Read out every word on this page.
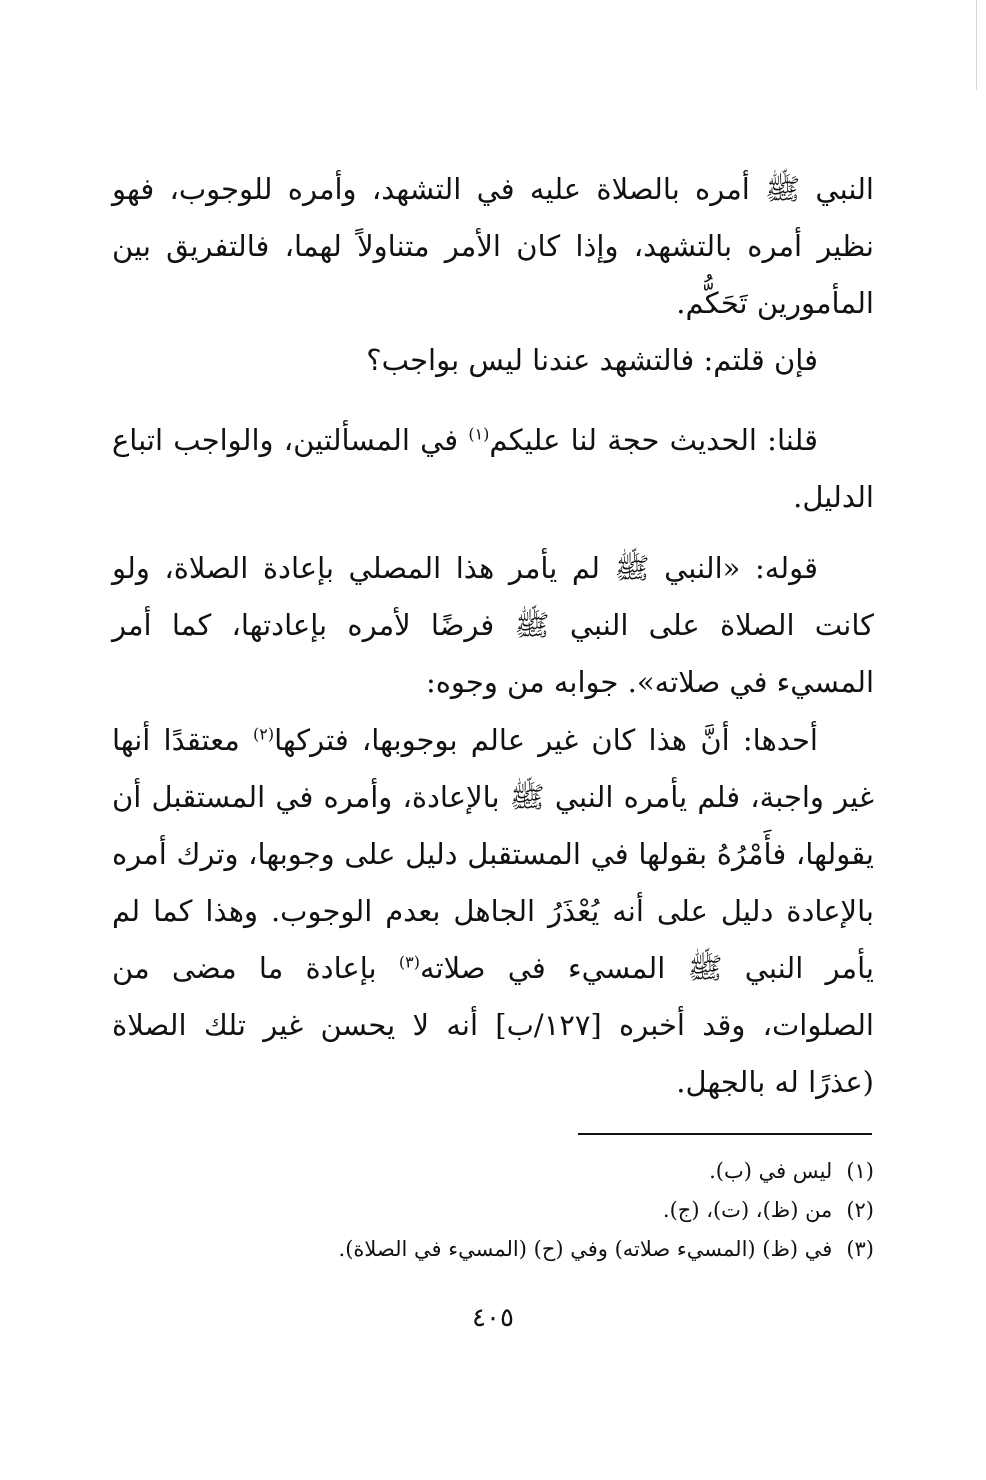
النبي ﷺ أمره بالصلاة عليه في التشهد، وأمره للوجوب، فهو نظير أمره بالتشهد، وإذا كان الأمر متناولاً لهما، فالتفريق بين المأمورين تَحَكُّم.

فإن قلتم: فالتشهد عندنا ليس بواجب؟

قلنا: الحديث حجة لنا عليكم$^{(١)}$ في المسألتين، والواجب اتباع الدليل.

قوله: «النبي ﷺ لم يأمر هذا المصلي بإعادة الصلاة، ولو كانت الصلاة على النبي ﷺ فرضًا لأمره بإعادتها، كما أمر المسيء في صلاته». جوابه من وجوه:

أحدها: أنَّ هذا كان غير عالم بوجوبها، فتركها$^{(٢)}$ معتقدًا أنها غير واجبة، فلم يأمره النبي ﷺ بالإعادة، وأمره في المستقبل أن يقولها، فأَمْرُهُ بقولها في المستقبل دليل على وجوبها، وترك أمره بالإعادة دليل على أنه يُعْذَرُ الجاهل بعدم الوجوب. وهذا كما لم يأمر النبي ﷺ المسيء في صلاته$^{(٣)}$ بإعادة ما مضى من الصلوات، وقد أخبره [١٢٧/ب] أنه لا يحسن غير تلك الصلاة (عذرًا له بالجهل.

(١)ليس في (ب).
(٢)من (ظ)، (ت)، (ج).
(٣)في (ظ) (المسيء صلاته) وفي (ح) (المسيء في الصلاة).
٤٠٥
